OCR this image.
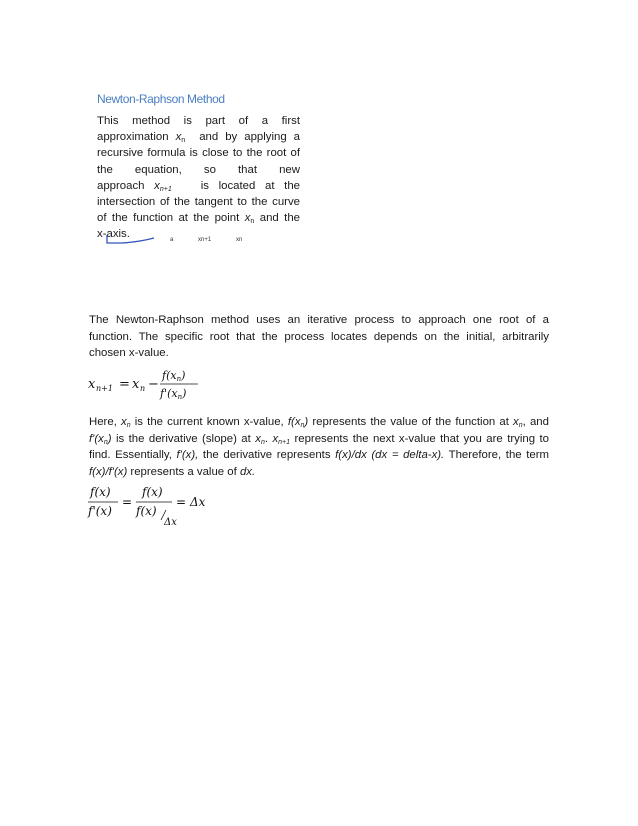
Newton-Raphson Method
This method is part of a first
approximation $x_n$ and by applying a
recursive formula is close to the root of
the equation, so that new
approach $x_{n+1}$	is located at the
intersection of the tangent to the curve
of the function at the point $x_n$ and the
x-axis.	a	xn+1	xn
The Newton-Raphson method uses an iterative process to approach one root of a
function. The specific root that the process locates depends on the initial, arbitrarily
chosen x-value.
x n+1 = x n −
f(xn)
f'(xn)
Here, $x_n$ is the current known x-value, $f(x_n)$ represents the value of the function at $x_n$, and
$f'(x_n)$ is the derivative (slope) at $x_n$. $x_{n+1}$ represents the next x-value that you are trying to
find. Essentially, f'(x), the derivative represents f(x)/dx (dx = delta-x). Therefore, the term
f(x)/f'(x) represents a value of dx.
f(x)
f'(x)
=
f(x)
f(x)
Δx
= Δx
